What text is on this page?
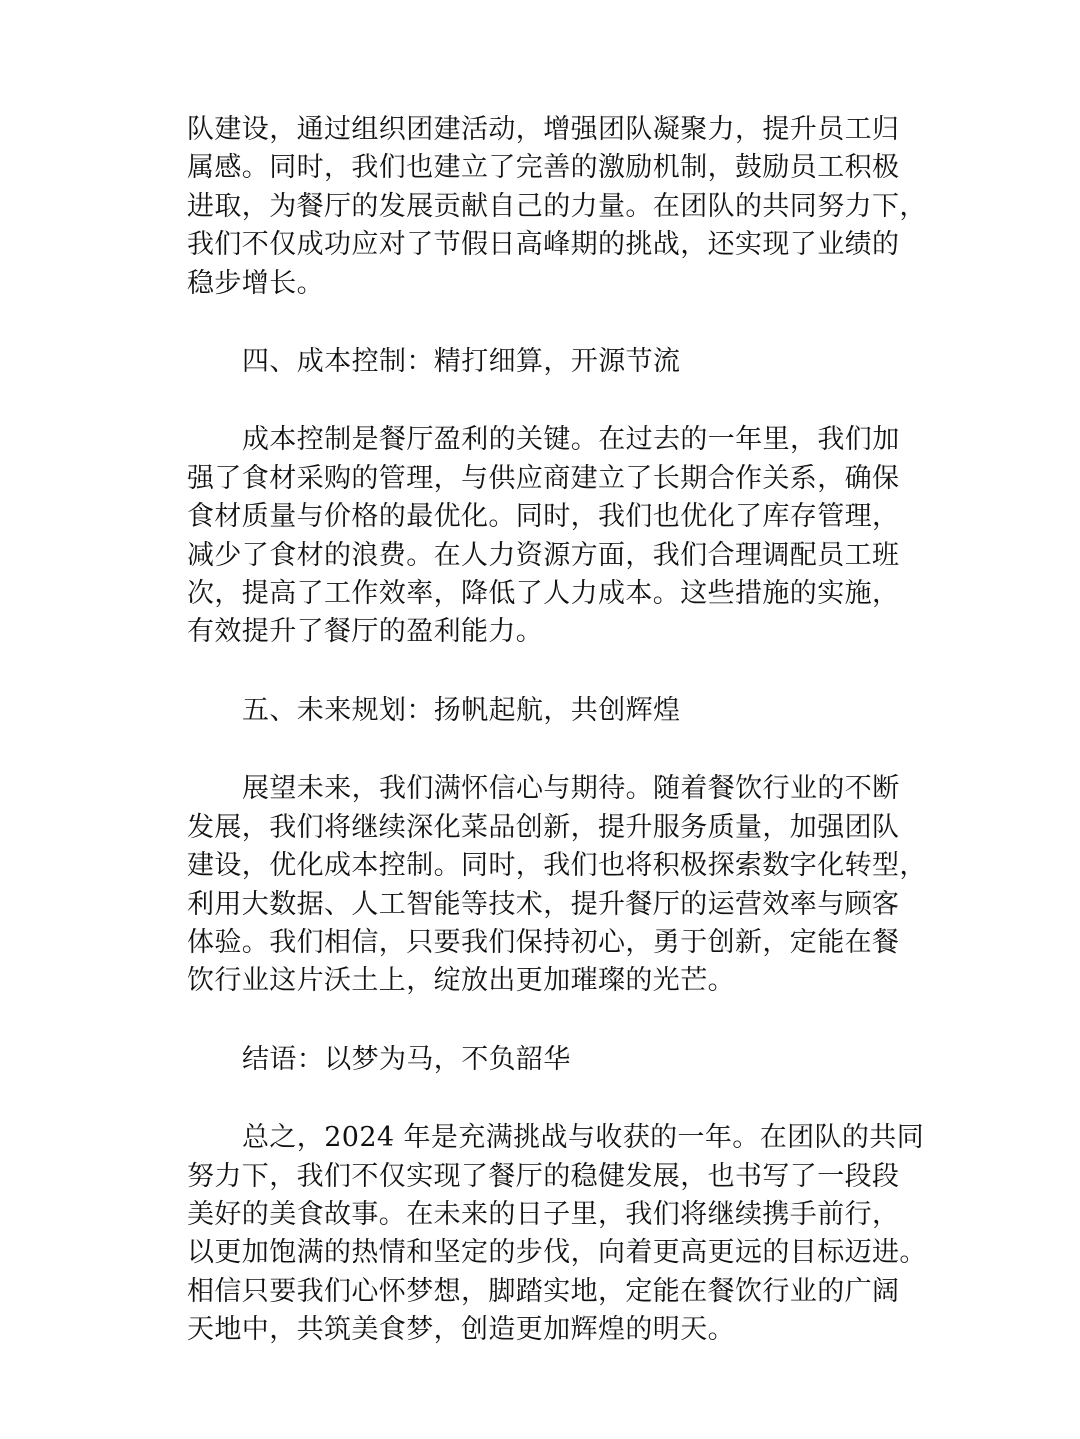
队建设，通过组织团建活动，增强团队凝聚力，提升员工归
属感。同时，我们也建立了完善的激励机制，鼓励员工积极
进取，为餐厅的发展贡献自己的力量。在团队的共同努力下，
我们不仅成功应对了节假日高峰期的挑战，还实现了业绩的
稳步增长。

四、成本控制：精打细算，开源节流

成本控制是餐厅盈利的关键。在过去的一年里，我们加
强了食材采购的管理，与供应商建立了长期合作关系，确保
食材质量与价格的最优化。同时，我们也优化了库存管理，
减少了食材的浪费。在人力资源方面，我们合理调配员工班
次，提高了工作效率，降低了人力成本。这些措施的实施，
有效提升了餐厅的盈利能力。

五、未来规划：扬帆起航，共创辉煌

展望未来，我们满怀信心与期待。随着餐饮行业的不断
发展，我们将继续深化菜品创新，提升服务质量，加强团队
建设，优化成本控制。同时，我们也将积极探索数字化转型，
利用大数据、人工智能等技术，提升餐厅的运营效率与顾客
体验。我们相信，只要我们保持初心，勇于创新，定能在餐
饮行业这片沃土上，绽放出更加璀璨的光芒。

结语：以梦为马，不负韶华

总之，2024 年是充满挑战与收获的一年。在团队的共同
努力下，我们不仅实现了餐厅的稳健发展，也书写了一段段
美好的美食故事。在未来的日子里，我们将继续携手前行，
以更加饱满的热情和坚定的步伐，向着更高更远的目标迈进。
相信只要我们心怀梦想，脚踏实地，定能在餐饮行业的广阔
天地中，共筑美食梦，创造更加辉煌的明天。
